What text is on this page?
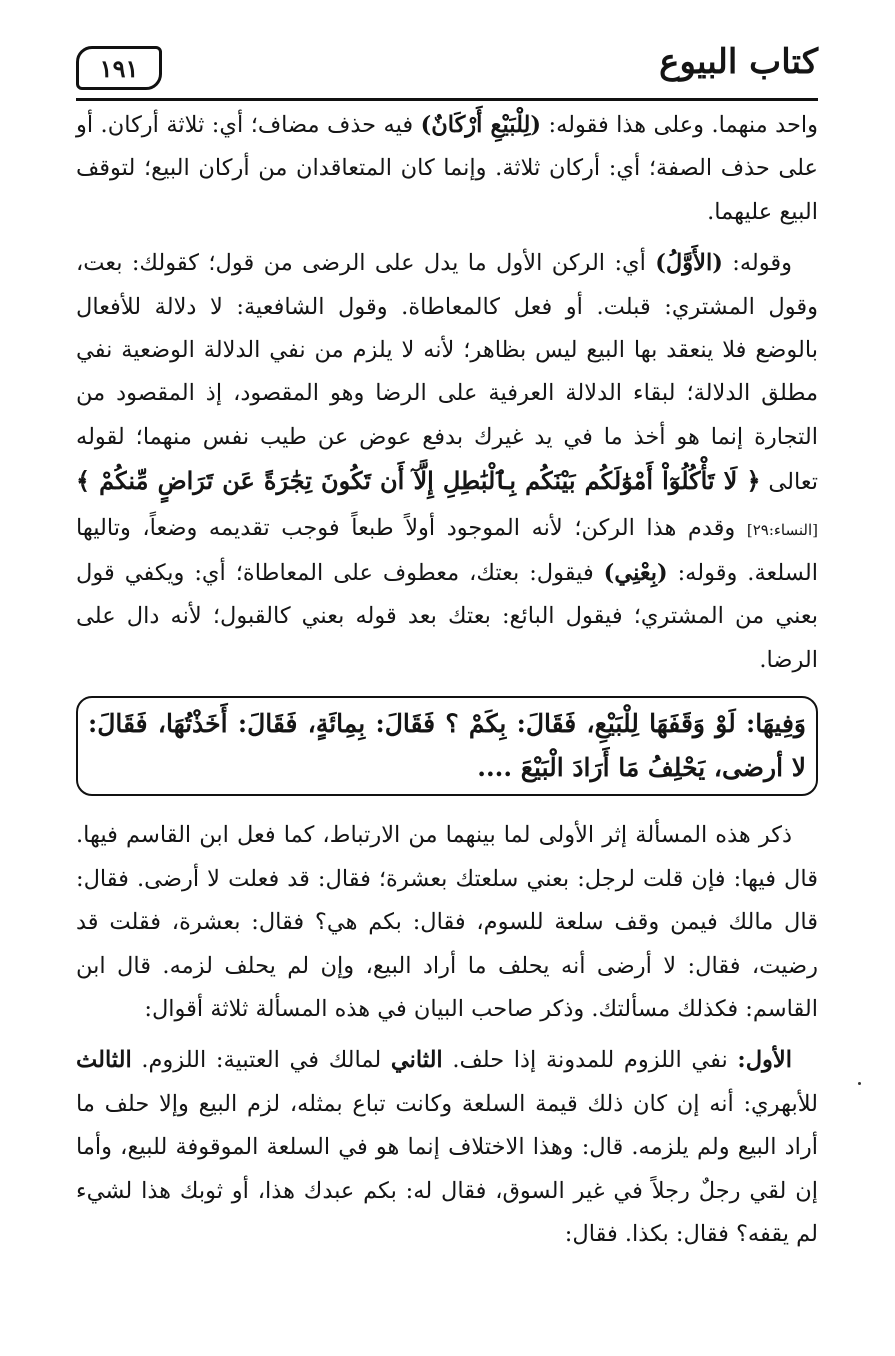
كتاب البيوع
١٩١

واحد منهما. وعلى هذا فقوله: (لِلْبَيْعِ أَرْكَانٌ) فيه حذف مضاف؛ أي: ثلاثة أركان. أو على حذف الصفة؛ أي: أركان ثلاثة. وإنما كان المتعاقدان من أركان البيع؛ لتوقف البيع عليهما.

وقوله: (الأَوَّلُ) أي: الركن الأول ما يدل على الرضى من قول؛ كقولك: بعت، وقول المشتري: قبلت. أو فعل كالمعاطاة. وقول الشافعية: لا دلالة للأفعال بالوضع فلا ينعقد بها البيع ليس بظاهر؛ لأنه لا يلزم من نفي الدلالة الوضعية نفي مطلق الدلالة؛ لبقاء الدلالة العرفية على الرضا وهو المقصود، إذ المقصود من التجارة إنما هو أخذ ما في يد غيرك بدفع عوض عن طيب نفس منهما؛ لقوله تعالى ﴿ لَا تَأْكُلُوٓاْ أَمْوَٰلَكُم بَيْنَكُم بِٱلْبَٰطِلِ إِلَّآ أَن تَكُونَ تِجَٰرَةً عَن تَرَاضٍ مِّنكُمْ ﴾ [النساء:٢٩] وقدم هذا الركن؛ لأنه الموجود أولاً طبعاً فوجب تقديمه وضعاً، وتاليها السلعة. وقوله: (بِعْنِي) فيقول: بعتك، معطوف على المعاطاة؛ أي: ويكفي قول بعني من المشتري؛ فيقول البائع: بعتك بعد قوله بعني كالقبول؛ لأنه دال على الرضا.

وَفِيهَا: لَوْ وَقَفَهَا لِلْبَيْعِ، فَقَالَ: بِكَمْ ؟ فَقَالَ: بِمِائَةٍ، فَقَالَ: أَخَذْتُهَا، فَقَالَ: لا أرضى، يَحْلِفُ مَا أَرَادَ الْبَيْعَ ....

ذكر هذه المسألة إثر الأولى لما بينهما من الارتباط، كما فعل ابن القاسم فيها. قال فيها: فإن قلت لرجل: بعني سلعتك بعشرة؛ فقال: قد فعلت لا أرضى. فقال: قال مالك فيمن وقف سلعة للسوم، فقال: بكم هي؟ فقال: بعشرة، فقلت قد رضيت، فقال: لا أرضى أنه يحلف ما أراد البيع، وإن لم يحلف لزمه. قال ابن القاسم: فكذلك مسألتك. وذكر صاحب البيان في هذه المسألة ثلاثة أقوال:

الأول: نفي اللزوم للمدونة إذا حلف. الثاني لمالك في العتبية: اللزوم. الثالث للأبهري: أنه إن كان ذلك قيمة السلعة وكانت تباع بمثله، لزم البيع وإلا حلف ما أراد البيع ولم يلزمه. قال: وهذا الاختلاف إنما هو في السلعة الموقوفة للبيع، وأما إن لقي رجلٌ رجلاً في غير السوق، فقال له: بكم عبدك هذا، أو ثوبك هذا لشيء لم يقفه؟ فقال: بكذا. فقال:
